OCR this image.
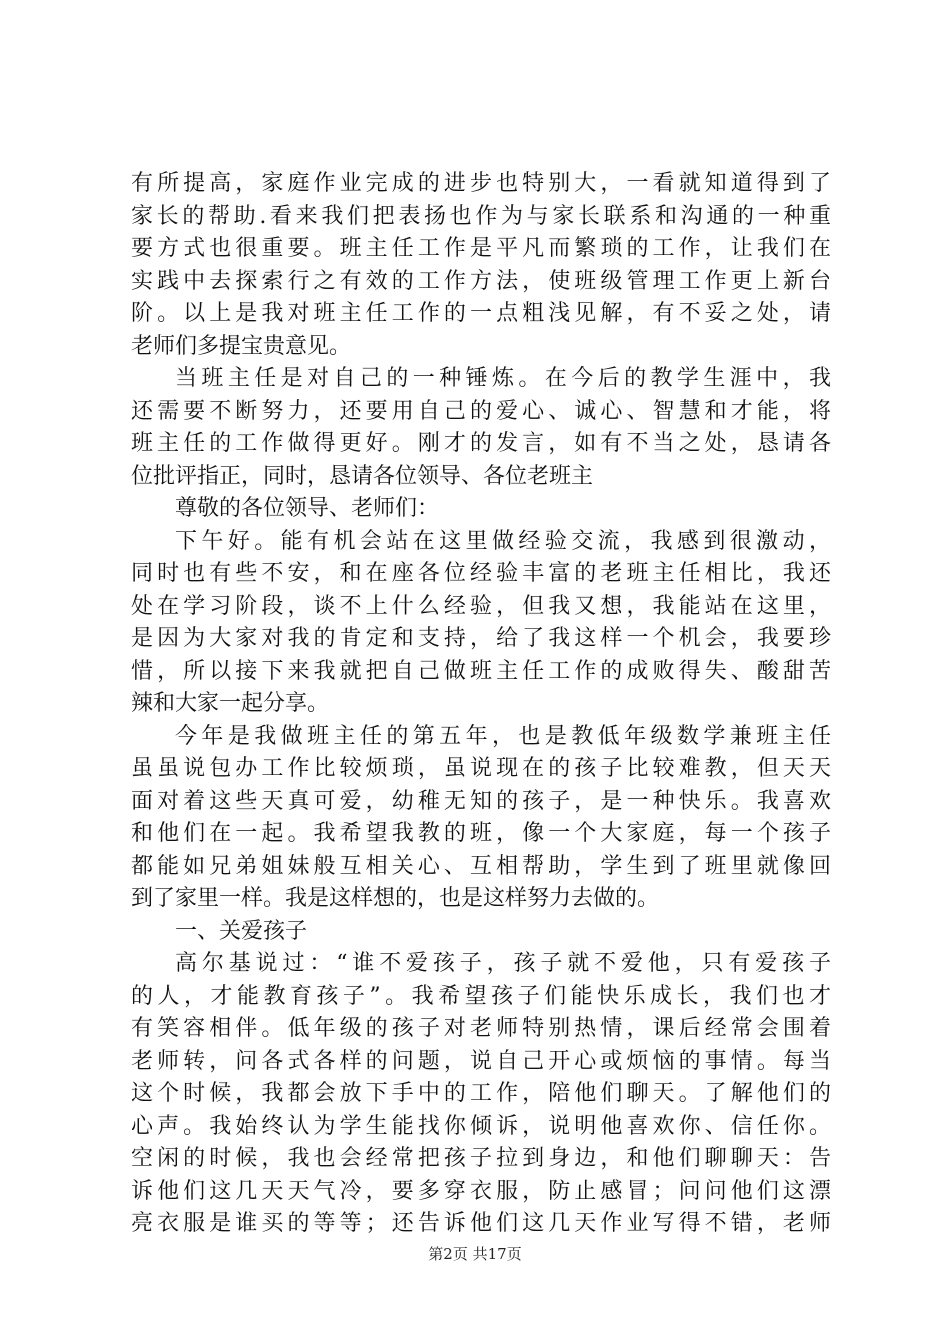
有所提高，家庭作业完成的进步也特别大，一看就知道得到了
家长的帮助.看来我们把表扬也作为与家长联系和沟通的一种重
要方式也很重要。班主任工作是平凡而繁琐的工作，让我们在
实践中去探索行之有效的工作方法，使班级管理工作更上新台
阶。以上是我对班主任工作的一点粗浅见解，有不妥之处，请
老师们多提宝贵意见。
当班主任是对自己的一种锤炼。在今后的教学生涯中，我
还需要不断努力，还要用自己的爱心、诚心、智慧和才能，将
班主任的工作做得更好。刚才的发言，如有不当之处，恳请各
位批评指正，同时，恳请各位领导、各位老班主
尊敬的各位领导、老师们：
下午好。能有机会站在这里做经验交流，我感到很激动，
同时也有些不安，和在座各位经验丰富的老班主任相比，我还
处在学习阶段，谈不上什么经验，但我又想，我能站在这里，
是因为大家对我的肯定和支持，给了我这样一个机会，我要珍
惜，所以接下来我就把自己做班主任工作的成败得失、酸甜苦
辣和大家一起分享。
今年是我做班主任的第五年，也是教低年级数学兼班主任
虽虽说包办工作比较烦琐，虽说现在的孩子比较难教，但天天
面对着这些天真可爱，幼稚无知的孩子，是一种快乐。我喜欢
和他们在一起。我希望我教的班，像一个大家庭，每一个孩子
都能如兄弟姐妹般互相关心、互相帮助，学生到了班里就像回
到了家里一样。我是这样想的，也是这样努力去做的。
一、关爱孩子
高尔基说过：“谁不爱孩子，孩子就不爱他，只有爱孩子
的人，才能教育孩子”。我希望孩子们能快乐成长，我们也才
有笑容相伴。低年级的孩子对老师特别热情，课后经常会围着
老师转，问各式各样的问题，说自己开心或烦恼的事情。每当
这个时候，我都会放下手中的工作，陪他们聊天。了解他们的
心声。我始终认为学生能找你倾诉，说明他喜欢你、信任你。
空闲的时候，我也会经常把孩子拉到身边，和他们聊聊天：告
诉他们这几天天气冷，要多穿衣服，防止感冒；问问他们这漂
亮衣服是谁买的等等；还告诉他们这几天作业写得不错，老师
第2页 共17页
